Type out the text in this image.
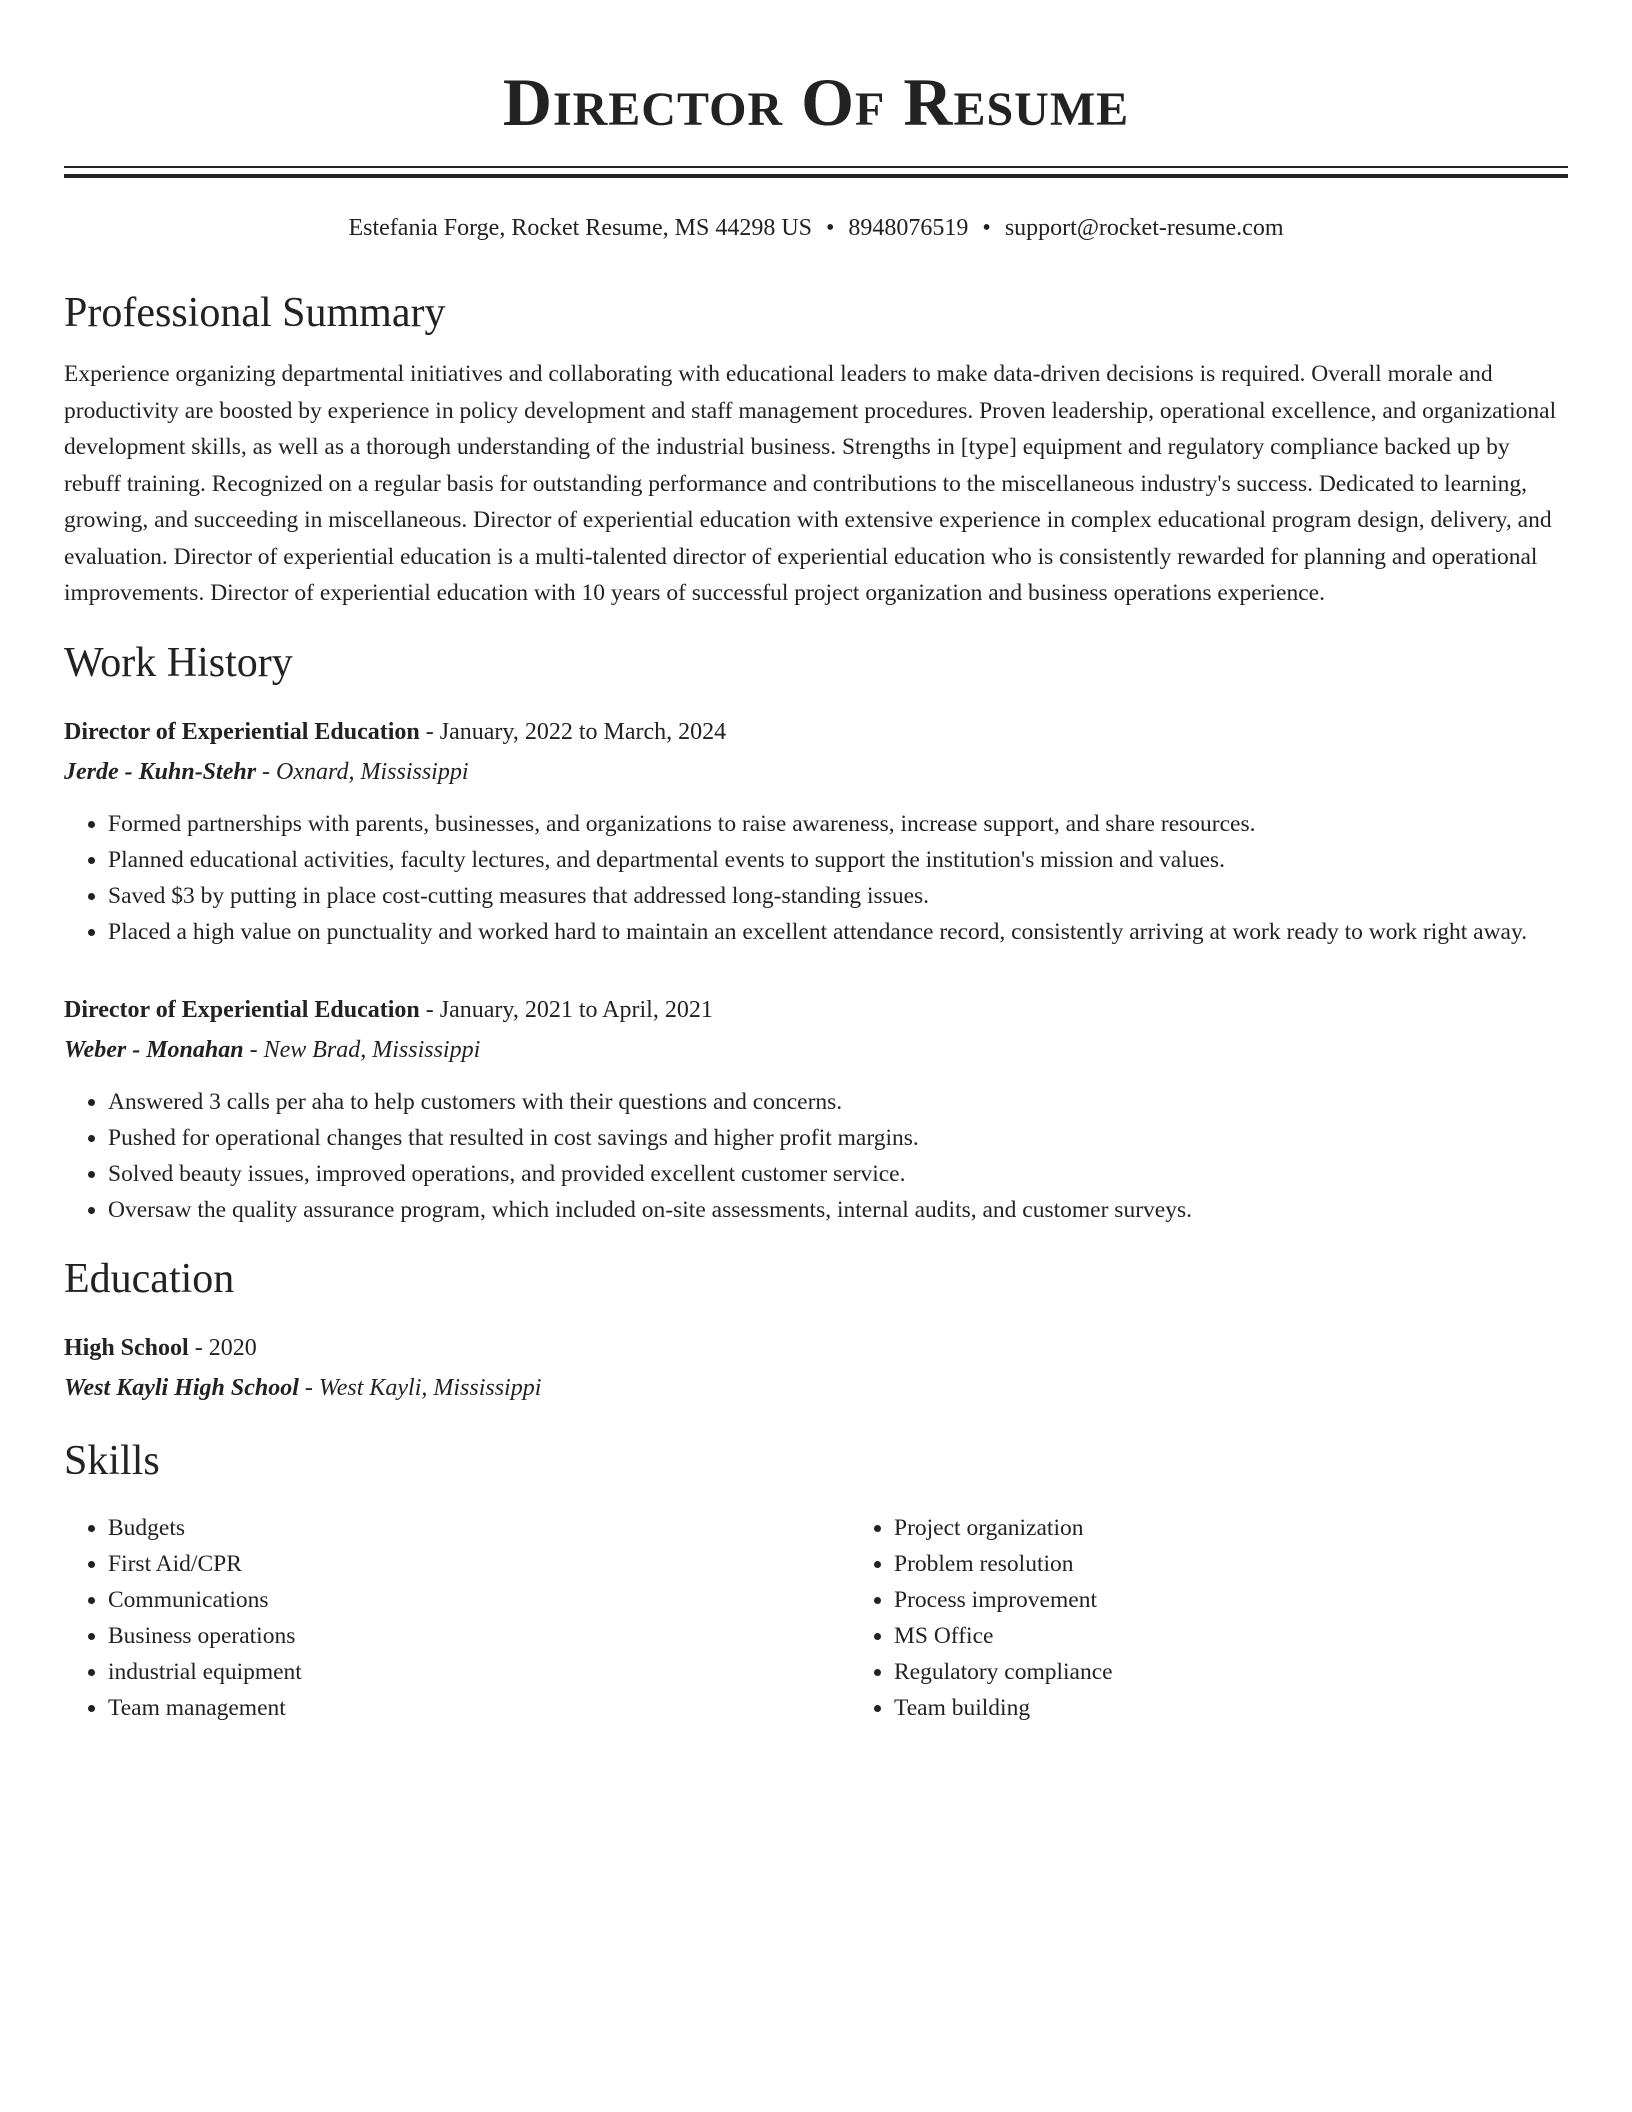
Director Of Resume
Estefania Forge, Rocket Resume, MS 44298 US • 8948076519 • support@rocket-resume.com
Professional Summary

Experience organizing departmental initiatives and collaborating with educational leaders to make data-driven decisions is required. Overall morale and productivity are boosted by experience in policy development and staff management procedures. Proven leadership, operational excellence, and organizational development skills, as well as a thorough understanding of the industrial business. Strengths in [type] equipment and regulatory compliance backed up by rebuff training. Recognized on a regular basis for outstanding performance and contributions to the miscellaneous industry's success. Dedicated to learning, growing, and succeeding in miscellaneous. Director of experiential education with extensive experience in complex educational program design, delivery, and evaluation. Director of experiential education is a multi-talented director of experiential education who is consistently rewarded for planning and operational improvements. Director of experiential education with 10 years of successful project organization and business operations experience.

Work History
Director of Experiential Education - January, 2022 to March, 2024
Jerde - Kuhn-Stehr - Oxnard, Mississippi
• Formed partnerships with parents, businesses, and organizations to raise awareness, increase support, and share resources.
• Planned educational activities, faculty lectures, and departmental events to support the institution's mission and values.
• Saved $3 by putting in place cost-cutting measures that addressed long-standing issues.
• Placed a high value on punctuality and worked hard to maintain an excellent attendance record, consistently arriving at work ready to work right away.
Director of Experiential Education - January, 2021 to April, 2021
Weber - Monahan - New Brad, Mississippi
• Answered 3 calls per aha to help customers with their questions and concerns.
• Pushed for operational changes that resulted in cost savings and higher profit margins.
• Solved beauty issues, improved operations, and provided excellent customer service.
• Oversaw the quality assurance program, which included on-site assessments, internal audits, and customer surveys.
Education
High School - 2020
West Kayli High School - West Kayli, Mississippi
Skills
• Budgets
• First Aid/CPR
• Communications
• Business operations
• industrial equipment
• Team management
• Project organization
• Problem resolution
• Process improvement
• MS Office
• Regulatory compliance
• Team building
